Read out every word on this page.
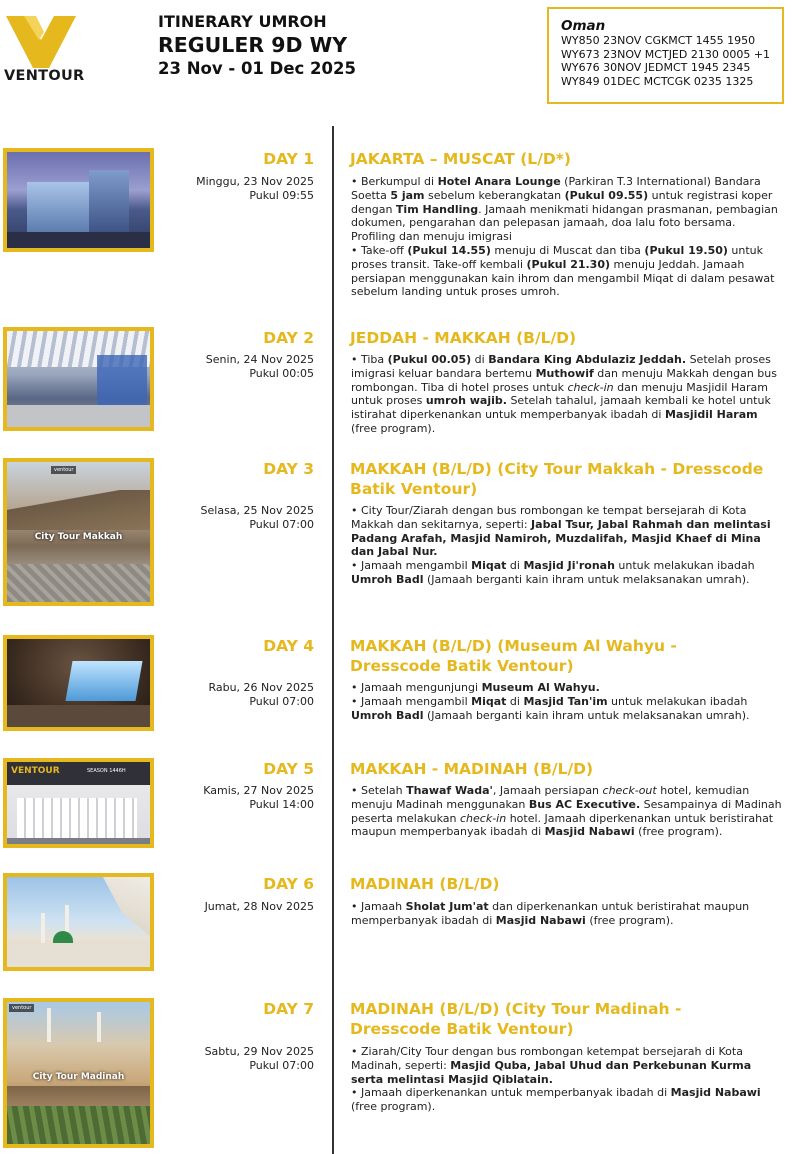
VENTOUR
ITINERARY UMROH
REGULER 9D WY
23 Nov - 01 Dec 2025
Oman
WY850 23NOV CGKMCT 1455 1950
WY673 23NOV MCTJED 2130 0005 +1
WY676 30NOV JEDMCT 1945 2345
WY849 01DEC MCTCGK 0235 1325
DAY 1
Minggu, 23 Nov 2025
Pukul 09:55
JAKARTA – MUSCAT (L/D*)

• Berkumpul di Hotel Anara Lounge (Parkiran T.3 International) Bandara Soetta 5 jam sebelum keberangkatan (Pukul 09.55) untuk registrasi koper dengan Tim Handling. Jamaah menikmati hidangan prasmanan, pembagian dokumen, pengarahan dan pelepasan jamaah, doa lalu foto bersama. Profiling dan menuju imigrasi

• Take-off (Pukul 14.55) menuju di Muscat dan tiba (Pukul 19.50) untuk proses transit. Take-off kembali (Pukul 21.30) menuju Jeddah. Jamaah persiapan menggunakan kain ihrom dan mengambil Miqat di dalam pesawat sebelum landing untuk proses umroh.

DAY 2
Senin, 24 Nov 2025
Pukul 00:05
JEDDAH - MAKKAH (B/L/D)

• Tiba (Pukul 00.05) di Bandara King Abdulaziz Jeddah. Setelah proses imigrasi keluar bandara bertemu Muthowif dan menuju Makkah dengan bus rombongan. Tiba di hotel proses untuk check-in dan menuju Masjidil Haram untuk proses umroh wajib. Setelah tahalul, jamaah kembali ke hotel untuk istirahat diperkenankan untuk memperbanyak ibadah di Masjidil Haram (free program).

ventour
City Tour Makkah
DAY 3
Selasa, 25 Nov 2025
Pukul 07:00
MAKKAH (B/L/D) (City Tour Makkah - Dresscode Batik Ventour)

• City Tour/Ziarah dengan bus rombongan ke tempat bersejarah di Kota Makkah dan sekitarnya, seperti: Jabal Tsur, Jabal Rahmah dan melintasi Padang Arafah, Masjid Namiroh, Muzdalifah, Masjid Khaef di Mina dan Jabal Nur.

• Jamaah mengambil Miqat di Masjid Ji'ronah untuk melakukan ibadah Umroh Badl (Jamaah berganti kain ihram untuk melaksanakan umrah).

DAY 4
Rabu, 26 Nov 2025
Pukul 07:00
MAKKAH (B/L/D) (Museum Al Wahyu - Dresscode Batik Ventour)

• Jamaah mengunjungi Museum Al Wahyu.

• Jamaah mengambil Miqat di Masjid Tan'im untuk melakukan ibadah Umroh Badl (Jamaah berganti kain ihram untuk melaksanakan umrah).

VENTOUR	SEASON 1446H	DAY 5
Kamis, 27 Nov 2025
Pukul 14:00
MAKKAH - MADINAH (B/L/D)

• Setelah Thawaf Wada', Jamaah persiapan check-out hotel, kemudian menuju Madinah menggunakan Bus AC Executive. Sesampainya di Madinah peserta melakukan check-in hotel. Jamaah diperkenankan untuk beristirahat maupun memperbanyak ibadah di Masjid Nabawi (free program).

DAY 6
Jumat, 28 Nov 2025
MADINAH (B/L/D)

• Jamaah Sholat Jum'at dan diperkenankan untuk beristirahat maupun memperbanyak ibadah di Masjid Nabawi (free program).

ventour
City Tour Madinah
DAY 7
Sabtu, 29 Nov 2025
Pukul 07:00
MADINAH (B/L/D) (City Tour Madinah - Dresscode Batik Ventour)

• Ziarah/City Tour dengan bus rombongan ketempat bersejarah di Kota Madinah, seperti: Masjid Quba, Jabal Uhud dan Perkebunan Kurma serta melintasi Masjid Qiblatain.

• Jamaah diperkenankan untuk memperbanyak ibadah di Masjid Nabawi (free program).
